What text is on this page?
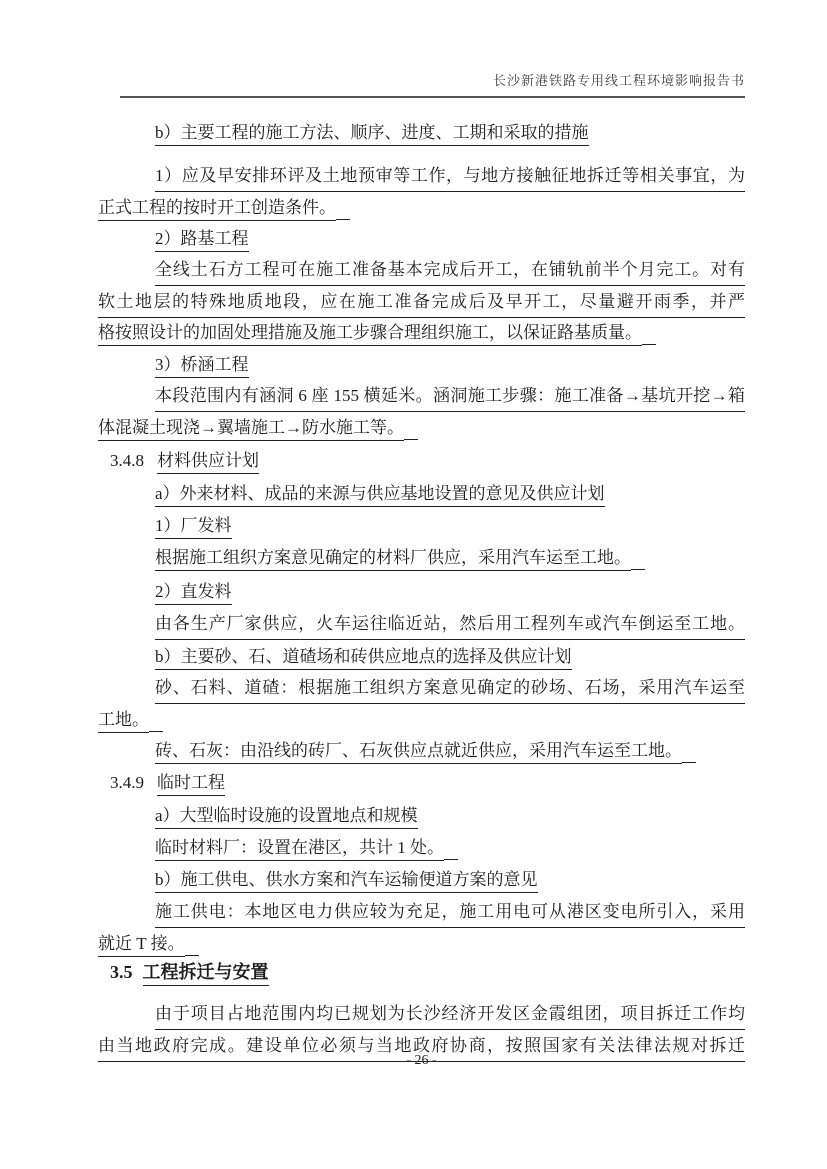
长沙新港铁路专用线工程环境影响报告书
b）主要工程的施工方法、顺序、进度、工期和采取的措施
1）应及早安排环评及土地预审等工作，与地方接触征地拆迁等相关事宜，为
正式工程的按时开工创造条件。
2）路基工程
全线土石方工程可在施工准备基本完成后开工，在铺轨前半个月完工。对有
软土地层的特殊地质地段，应在施工准备完成后及早开工，尽量避开雨季，并严
格按照设计的加固处理措施及施工步骤合理组织施工，以保证路基质量。
3）桥涵工程
本段范围内有涵洞 6 座 155 横延米。涵洞施工步骤：施工准备→基坑开挖→箱
体混凝土现浇→翼墙施工→防水施工等。
3.4.8 材料供应计划
a）外来材料、成品的来源与供应基地设置的意见及供应计划
1）厂发料
根据施工组织方案意见确定的材料厂供应，采用汽车运至工地。
2）直发料
由各生产厂家供应，火车运往临近站，然后用工程列车或汽车倒运至工地。
b）主要砂、石、道碴场和砖供应地点的选择及供应计划
砂、石料、道碴：根据施工组织方案意见确定的砂场、石场，采用汽车运至
工地。
砖、石灰：由沿线的砖厂、石灰供应点就近供应，采用汽车运至工地。
3.4.9 临时工程
a）大型临时设施的设置地点和规模
临时材料厂：设置在港区，共计 1 处。
b）施工供电、供水方案和汽车运输便道方案的意见
施工供电：本地区电力供应较为充足，施工用电可从港区变电所引入，采用
就近 T 接。
3.5 工程拆迁与安置
由于项目占地范围内均已规划为长沙经济开发区金霞组团，项目拆迁工作均
由当地政府完成。建设单位必须与当地政府协商，按照国家有关法律法规对拆迁
- 26 -
